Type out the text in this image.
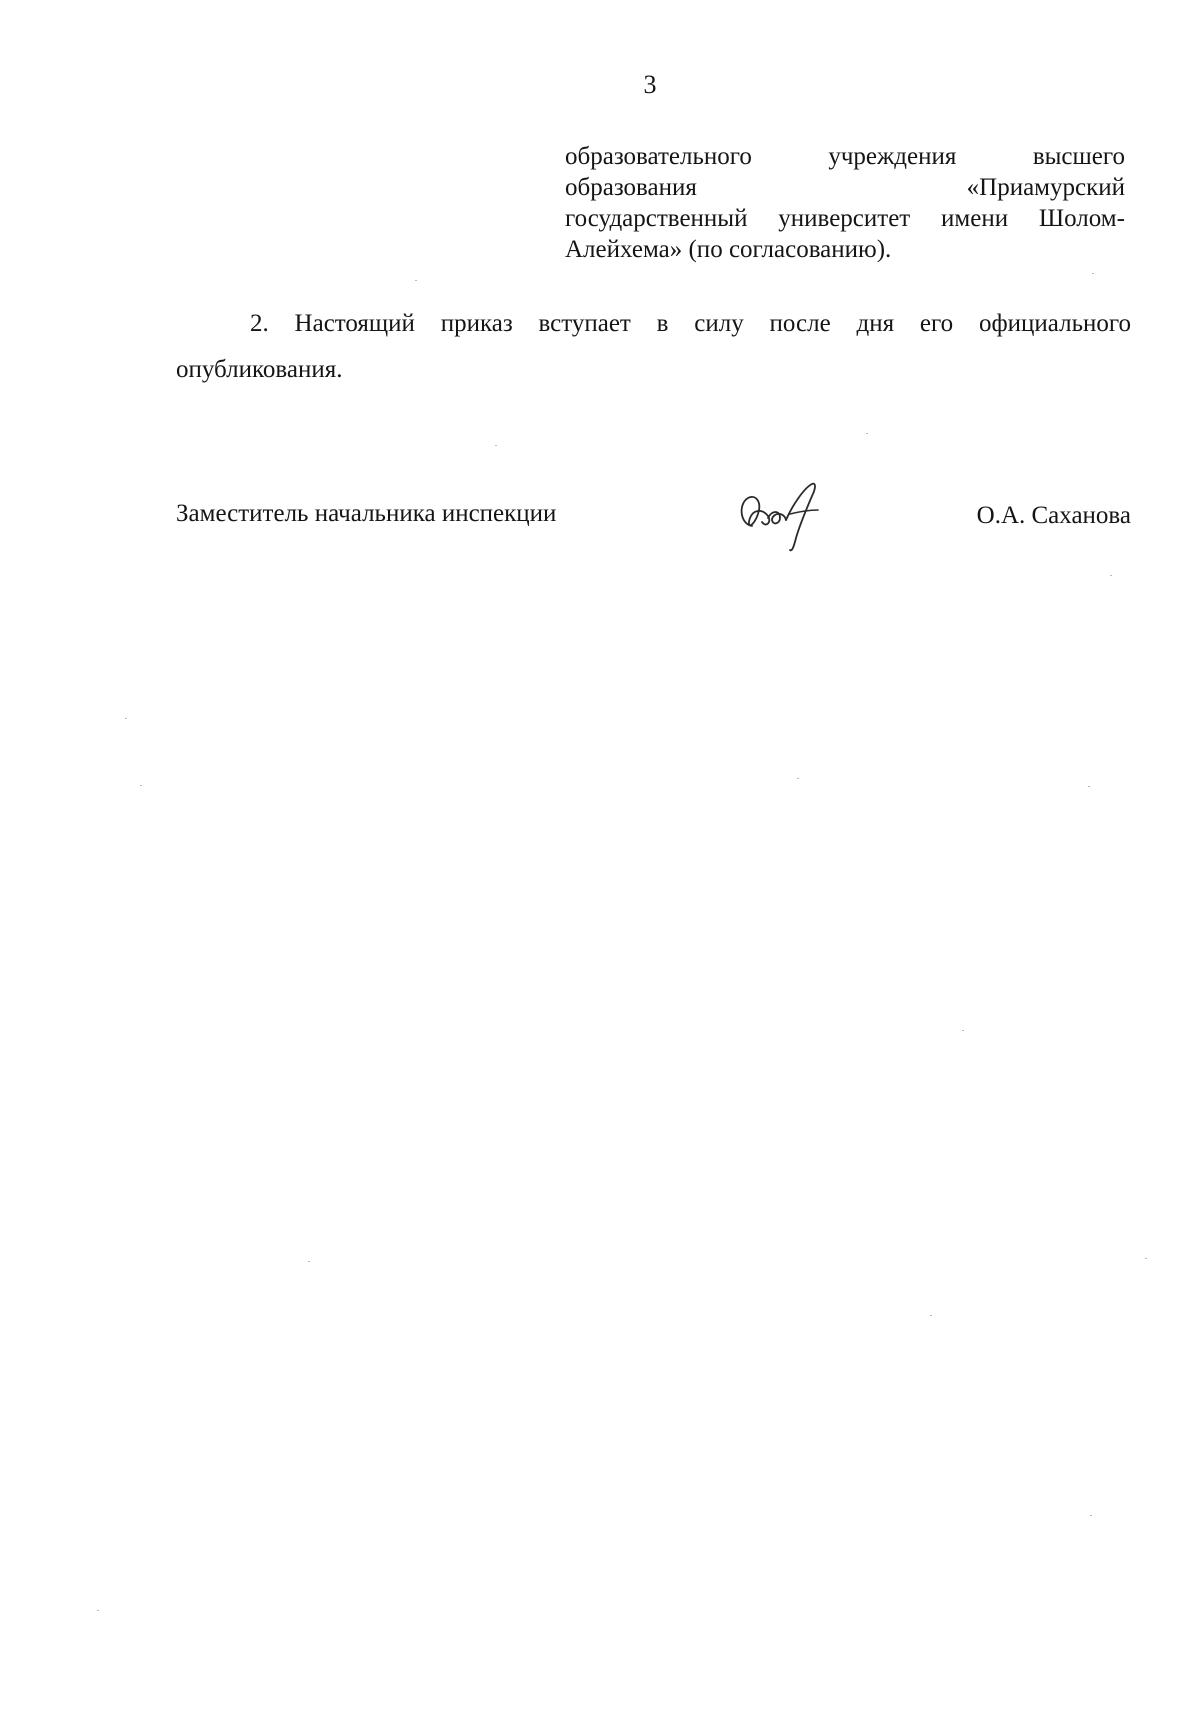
3
образовательного	учреждения	высшего
образования	«Приамурский
государственный университет имени Шолом-
Алейхема»
(по
согласованию).
2. Настоящий приказ вступает в силу после дня его официального
опубликования.
Заместитель начальника инспекции	О.А. Саханова
